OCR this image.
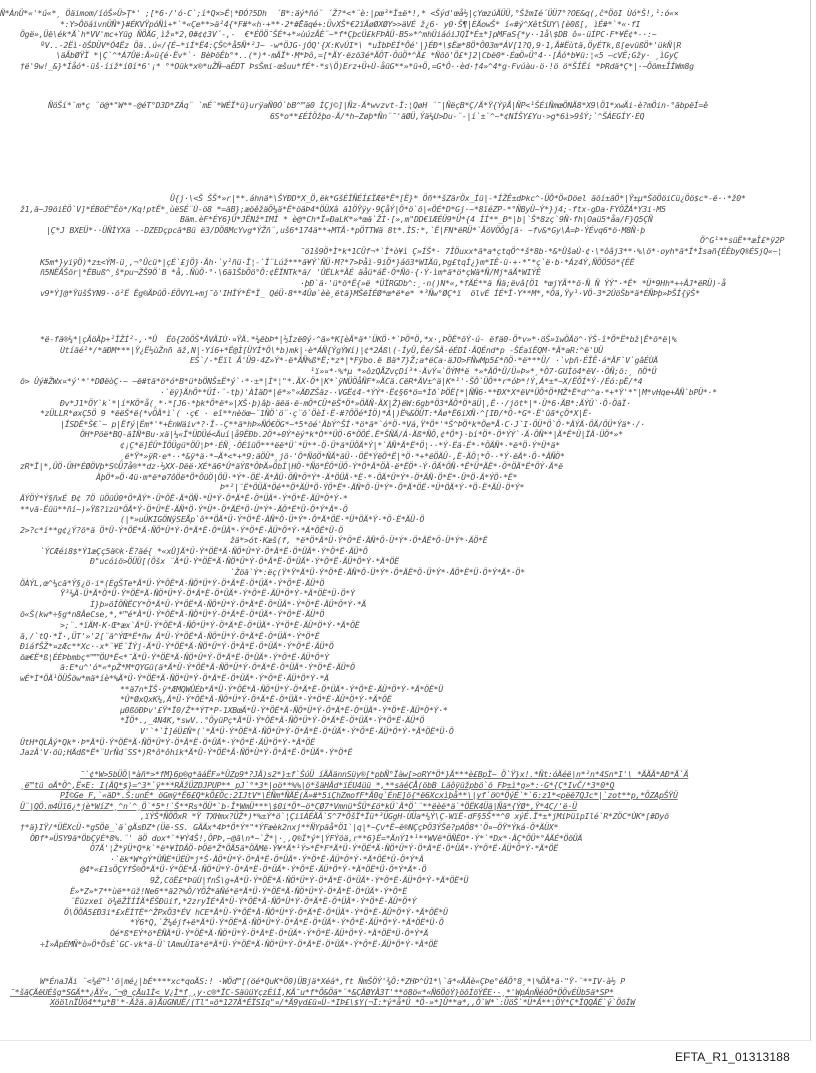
Ñ*ÀnÜ*«'*ú«*¸ Öäimom/íóŠ»Ü>Ţ*' ;[*6·/'ó·C`;í*Q×>Ë¦*ÐÓ?5Dh  ´B*:äý*ñó¨ ´Ž?*<*¨è:|pœ³*Ï±ë*!,* <Šýd'œå½|çYœzúÄÜÜ,°ŠžmIé´ÜÜ7°?OE&q(,ĉ*ÖöI Ùó*Š!,¹:ó«×
*:Y>ÔöáivnÜÑ*}#ÉKVŸpóÑì+*`*«Çe**>ä²4{*F#*«h·+**·2*#Ēãqé+:ÜvXŠ*€2ïÄøØXØY>>äVÉ ž¿6· y0·Š¶|ÈÄowŠ* í«#ý^XêtŠUY\[è0ß[, ìÉ#*`*«·fI
Ögë»,Üë\ék*Ä`h*VV'mc+Yüg ÑÖÄG¸ìž¤*2,0#¢¢3V´-,-  €*ÉÖÖ¯ŠÉ*+*»ùúzÄÈ¨~*f*ÇþcÜ£kFÞÀÜ-B5»*^mhÜiáóiJQÏ*É±*]pMFaS{*y··1å\$DB ô»·üÍPC·F*¥Ë¢*-·:~
ºV..-2Ëì·öŠDÜV*Ó4Ëz Öä..ú«/{É~*iÍ*Ë4:ÇŠ©*å5Ñ*²J~ -w*ÖJG·jÓQ'{X:KvÚI*\ *uÌbÞÈÍ*Ôé'|}ÉÐ*\$Ëæ*8Ö*Ö03m*ÁV[1?Q,9·1,Ä#Ëùtä,ÖyÉTk,ß[evüßÖ*'ükÑ|R
\äÃbØŸÏ *|Ç`^*Á7Ûë:Ä»ü{é·Ëv*`· BèÞöÊb°*..(*)*·mÄÏ*·M*Þô,=[*ÄY·ëzõ3é*ÄÖT·ÖüÖ*^Ä£ *Ñõõ'Ö£*]2|Cbë0*·ÉœÖ»Ü°4··[Âó*b¥ü:¦«5 —cVÊ;Gžy· ¸ìGyÇ
†ë'9w!_&}*Íåó*·üš·íiž*í0í*6'¡* °*Oük*x®*uŽÑ—aÉDT ÞsŠmi-œšuu*fÉ*·*s\Ö)Erz+Ü+Ú-åüG**»*ü+Ö,=G*Ö··èd·†4»^4*g-Fvúàu-ö·!ö ö*ŠÍËí *ÞRdä*Ç*|·~Ööm±ÎÍWm8g
ÑöŠí*`m*ç ¨ö@*"W**-@éT°D3D*ZÁq¨ `mÉ¨*WÉÏ*ü}urÿaÑ0Ó`bB^™ä0 ÍÇj©]|Ñz-Ä*wvzvt-Ï:¦QøH ¨¯|ÑëçB*Ç/Ä*Ÿ{ÝÿÅ|ÑP<¹ŠÉiÑmœÖNÄ8*X9\Ö1*xwÄi-è?mÖin-°ãbpëÍ=ê
6S*o**£ÉÍÖžþo-Ä/*h~Zøþ*Ñn¨¯'äØÜ,Ýä¼U>Du-¨-|í`±¨^~*¢NÍŠY£Yu·>g*6ì>9šÝ;`^ŠÁEGÍY·ÈQ
Û{j·\<Š ŠŠ*»r|**.áhnä*\ŠYÐD*X_Ö,ëk*GšÈÏÑÉÍ£ÏÆë*Ë*[Ë}* Öñ**šZärÖx_Íü|-*ÍŽÊ±dÞkc^-ÜÔ*Ö«Döel äöí±äÖ*|Ÿ±µ*ŠöÖöiCü¿Öö$c*-ë··*ž0*
ž1,ä~J9öiÈÖ`V]*ÉBöÉ™Êö*/Kq!ptË*¸ùëSÉ¨Ù-ö8 *=äB};æöêžäÖ¼ä*Ë*öäÞ4*ÖÜXâ ä1ÖŸÿy·9ÇåÝ|Ö*ö`ö|«ÖÉ*D*Gj·~*8ïéZP-*°ÑByÜ~Ý*}j4;-ftx-gDa·FYÖŽÁ*Y3i-M5
Bäm.èF*ÉY6}Ü*JËNž*IMÍ * è@*Ch*Ï»ÐaLK*»*œä`ŽÌ·[»,m"DD€ïÆÉÜ9*Ü*{4 ÍÍ**_Ð*|b|`Š*8zç`9Ñ·fh|Oaü5*åa/F}Q5ÇÑ
|Ç*J BXEÜ*··ÜÑÌYXä -·DZEDçpcä*Bü ë3/DÖ8McYvg*ÝŽñ¨,uš6*174ä**+MTÄ·*pÖTTWä 8t*.ÌS:*,`Ë|FN*ëRÜ*`ÄöVÖÖg[ä· ~fv&*Gy\À=Þ·ÝÉvq6*ö·M8Ñ·þ
Ö^G¹**süË**æÎ£*ÿ2P
¯ö1š9Ö*Ì*k*1CÜf¬*`Î*ò¥ì Ç»ÍŠ*· 7ÎÖuxx*ä*a*çtqÖ^*š*8b·*&*ÛšaÚ·¢·\*ôâj3**·%\ö*·oyh*ä*Í*Ìsañ{ÉÊbyQ®ÉSjQ«~¦
K5m*}yiÿÖ)*z±<ÝM-ü¸,¬°Ûcü*|çÉ`£jÖ}·Äh·`y²ñü·Ï¦-`Ï¨Lúž***ä¥Ý`ÑÜ·M?*7>Þåì-9iÖ*}áö3*WIÄü,Þg£tqÍ¿}m*IÊ·ü·+·*"*ç`ë·b·*Áz4Ý,ÑÖÖ5ö*{ÉË
ñ5NËÄŠör|*ËBuß^¸š*pu¬ŽŠ9Ö`B *å,.ÑùÖ·°·\6ä1ŠbÖö°Ö:¢ËÏNTk*ä/ 'ÜËLk*ÄÉ äåü*áË·Ö*Ñö·{·Ý·ìm*ä*ö*çWä*Ñ/Mj*äÄ*WIÝÊ
·þÐ`ä·'ü*ö*Ë{»ë *ÜÏRGDb^:¸·n()N*«,*fÄÉ**ä Ñä;ëvâ[Ö1 *œjYÃ**ö·Ñ Ñ ÝÝ"·*Ë* *Ü*9Hh*+÷ÄJ*ëRÜ)·å
v9*Ý]@*ŸüšŠYN9··ö²Ë Ëg®ÄÞûÖ·ÉÖVYL+mj¯ö'IHÏÝ*Ë*Ï_ QéÜ·8**4Ûø`èè¸ëtä}MŠëÍÉØ*œ*ë*e* *³Ñw°ØÇ*ï  ölvÉ ÍÉ*Ï·Y**M*,*Öä,Ÿy¹·VÖ-3*2ÚöŠb*ä*ÉÑÞþ»ÞŠÍ{ÿŠ*
*ë-fä®¼*|çÄöÄþ+²ÏŽÍ²-,·*Û  Ëö{2öÖŠ*ÄVÄIÙ·¤ŸÄ.*¼ëbÞ*|½Ízë0ý·^ä»*K[èÄ*ä*'ÜKÖ·*`ÞÖ*Ö,*x·,ÞÖË*öÝ·ú- ëfä0-Ö*v»*·öŠ»ïwÖÄö^·ÝŠ-î*Ö*Ë*bž|Ë*ö*ë|%
Ùtíäé²*/*äÐM***|Ÿ¿Ë½ùŽnñ äž,N|·Yí6+*Ë@Ì[ÜYÍ*Ö\*b)mk|·è*ÁÑ{ÝgÝWí)|¢*2Áß\(-ÍyÜ,Êë/ŠÄ·éÉDÍ·ÄQÉnd*p -ŠÉaïËQM·*Ä*aR:^ë'UÜ
EŠ`/-*Ëïl Ä'Ü9·4Z»Ý*·ë*ÄÑ%ß*Ë;*z*|*Fÿbo.ë Bä*7}Ž;a*ëCa·äJO>FÑwMp5£*ñÖ·*ë***Ü/ ·`vþñ·ÉÏÊ·á*ÄF`V`gâÉÙÄ
¹ï»¤*·%*µ *»ôzQÅZvçDí³*·ÄvÝ¤`ÖÝM*ë *»*ÄÖ*Ü/Ü»Þ»*¸*Ö7·GUÍö4*ëV··ÖÑ;õ:¸ ñÖ*Ü
ö> Ûý#ŽWx¤*ý'*'*DØëòÇ·~ ~ë#tä*ö*ó*B*ü*bÖNŠ±Ë*ý`·*·±*|Ì*¦"*.ÄX·Ö*|K*`ÿNÜÖåÑF*»ÄCä.CëR*ÄV±^ä|K*¹'·ŠÖ`ÜÖ**r*óÞ*!Ý,Á*±*~X/ËÖÍ*Ý·/Éó:pË/*4
·`ëÿ}ÄhÖ**ÜÍ·¨·tþ)'ÀÌäD*|ë*»°«ÄÐZŠäz-·VGË¢4-*ÝÝ*·Ë¢§6*ö=*Ìð`ÞÖË[*|ÑÑ6·**ÐX*X*ëV*ÜÖ*Ö*MŽ*Ë*d^^a·*+*Ý'*"|M*vHqe+ÄÑ`bPÜ*·*
Ðv*J1*ÖY`k`*|í*KÖ*å(¸*·*[J6·*þk*Ö*ë*»|XŠ·þ)âþ·äëä·ë·mÖ*CÜ*ëŠ*Ö*»ÖÄÑ·ÄX|Ž}ëW:6gb*Ö3*ÄÖ*Ö*äÜ|,Ë··/jöt*|*·Ü*6·ÄB*:ÄÝÜ`·Ö·ÖäÏ·
*zÜLLR*øxÇ5Ö 9 *ëëŠ*ë(*vÖÄ*ì`( ·ç€ · eî**nèöœ~¨1ÑÖ`ö¨·ç¨ö`ÖèÍ·Ë·#?ÖÖé*ÍÖ)*À|)Ë%&ÖÜT:*Äø*Ë6iXÑ·^[IÐ/*Ö·*G*·Ë'ûã*çÖ*X|Ë·
|ÏSDË*Š€`~ p|Ëfý|Ëm*'*+ÈnWäiv*?·Ï--Ç**ä*hÞ»ÑÓ€ÖG*~*5*öé'ÄbÝ^ŠÍ·*ö*ä*`ó*Ö·*Vá,Ÿ*Ö*'*Š^ÞÖ*k*Öe*Å·C·J`I·ÖÜ*Ö`Ö·*ÄÝÄ·ÖÄ/ÖÜ*Ýä*·/·
ÖH*Pöë*BQ-äÌÑ*Bu·xä|¼«Ï*ÜDÜé<Äuí|å9ËÐb.2Ö*+0Ý*ëý*k*Ò**ÜÖ·6*ÖÖÉ.Ë*ŠÑÄ/Á·Äß*ÑÖ,¢*Ö*}·bí*Ö*·Ö*ÝÝ`·Ä·ÖÑ**|Ä*Ë*Ü|ÏÄ·ÜÖ*»*
¢¡Ç*ë]ÉÜ*ÏÖÜgü*ÖÜ¦Þ*·ÉÑ¸·ÖÉîüÖ***ëë*Ü`*Ü**·Ö·Ü*ä*ÜÖÄ*Ý|*`ÄÑ*Ä*Ë*Ö¦··*Ý·Ëä·Ë*·*ÖÄÑ*·*ë*Ö·Ý*Ü*ä*
¸ë*Ÿ*»ÿR·e*··*&ÿ*ä·*~Ä*<*+*9:äÖÜ*¸jö·'Ö*ÑöÖ*ÑÄ*äÜ··ÖË*ÝëÖ*Ë|*Ö·*+*ëÖÄÜ·,Ë·ÄÖ¦*Ö··*Ý·ëÄ*·Ö·*ÄÑÖ*
zR*Ï|*,ÜÖ·ÜH*ÉØÖVþ*S©Ü7å®**dz·½XX-Dëë·XÉ*ä6*Û*äÝß*ÖÞÄ»ÖbÍ|HÖ·*Ñö*ÊÖ*ÜÖ·Ý*Ö*Ä*ÖÄ·ë*ËÖ*·Ý·ÖÄ*ÖÑ·*Ë*Ü*ÄË*·Ö*ÖÄ*Ë*ÖÝ·Ä*ë
ÄþÖ*»Ö·4ü·m*ë*ø7ôÖë*Ö*ÖüÖ|ÖÜ·*Ý*·ÖË·Ä*ÄÜ·ÖÑ*Ö*Ý*·Ä*ÖÜÄ·*Ë·*·ÖÄ*Ü*Ý*·Ö*ÄÑ·Ö*Ë*·Ü*Ö·Ä*ÝÖ·*Ë*
Þ*²|¨Ë*ÖÜÄ*Öé**Ö*ÄÜ*Ö·ÝÖ*Ë*·ÄÑ*Ö·Ü*Ý*·Ö*Ä*ÖË·*Ü*ÖÄ*Ý·*Ö·Ë*ÄÜ·Ö*Ý*
ÄÝÖÝ*Ý§ñxÉ Ð¢ 7Ö üÖüÜ0*Ö*ÄÝ*·Ü*ÖË·Ä*ÖÑ·*Ü*Ý·Ö*Ä*Ë·Ö*ÜÄ*·Ý*Ö*Ë·ÄÜ*Ö*Ý·*
**vä-Ëüü**ñí~)»Ÿß?ïzü*ÖÄ*Ý·Ö*Ü*Ë·ÄÑ*Ö·Ý*Ü*·Ö*ÄË*Ö·Ü*Ý*·ÄÖ*Ë*Ü·Ö*Ý*Ä*·Ö
(|*»uÜKIGÖNÿSEÅp`ô**ÖÄ*Ü·Ý*Ö*Ë·ÄÑ*Ö·Ü*Ý*·Ö*Ä*ÖË·*Ü*ÖÄ*Ý·*Ö·Ë*ÄÜ·Ö
2>?c*í**g¢¿Ý?ö*ä Ö*Ü·Ý*ÖË*Ä·ÑÖ*Ü*Ý·Ö*Ä*Ë·Ö*ÜÄ*·Ý*Ö*Ë·ÄÜ*Ö*Ý·*Ä*ÖË*Ü·Ö
žä*>ót·Kæš(f, *ë*Ö*Ä*Ü·Ý*Ö*Ë·ÄÑ*Ö·Ü*Ý*·Ö*ÄË*Ö·Ü*Ý*·ÄÖ*Ë
`ÝCÆéi8$*Ý1æÇç5ä©k·Ë?äé{ *«xÛ]Ä*Ü·Ý*ÖË*Ä·ÑÖ*Ü*Ý·Ö*Ä*Ë·Ö*ÜÄ*·Ý*Ö*Ë·ÄÜ*Ö
Ð"ucóiö>ÖÜÜ[(Öšx ¨Ä*Ü·Ý*ÖË*Ä·ÑÖ*Ü*Ý·Ö*Ä*Ë·Ö*ÜÄ*·Ý*Ö*Ë·ÄÜ*Ö*Ý·*Ä*ÖË
`Žöä`Ý*:ëç(Ÿ*Ÿ*Ä*Ü·Ý*Ö*Ë·ÄÑ*Ö·Ü*Ý*·Ö*ÄË*Ö·Ü*Ý*·ÄÖ*Ë*Ü·Ö*Ý*Ä*·Ö*
ÖÀÝL,œ^¼cä*Ý§¿ö-i*(ÈgŠTe*Ä*Ü·Ý*ÖË*Ä·ÑÖ*Ü*Ý·Ö*Ä*Ë·Ö*ÜÄ*·Ý*Ö*Ë·ÄÜ*Ö
Ÿ³¼Ä-Ü*Ä*Ö*Ü·Ý*ÖË*Ä·ÑÖ*Ü*Ý·Ö*Ä*Ë·Ö*ÜÄ*·Ý*Ö*Ë·ÄÜ*Ö*Ý·*Ä*ÖË*Ü·Ö*Ý
Ì}þ»öÍÖÑËCY*Ö*Ä*Ü·Ý*ÖË*Ä·ÑÖ*Ü*Ý·Ö*Ä*Ë·Ö*ÜÄ*·Ý*Ö*Ë·ÄÜ*Ö*Ý·*Ä
ö«Š(kw*÷§g*n8ÄeCse,*,*™é*Ä*Ü·Ý*ÖË*Ä·ÑÖ*Ü*Ý·Ö*Ä*Ë·Ö*ÜÄ*·Ý*Ö*Ë·ÄÜ*Ö
>;¨.*ïÄM·K·Œ*æx`Ä*Ü·Ý*ÖË*Ä·ÑÖ*Ü*Ý·Ö*Ä*Ë·Ö*ÜÄ*·Ý*Ö*Ë·ÄÜ*Ö*Ý·*Ä*ÖË
ä,/`tQ·*Ï·,ÜT'»'2[¨ä^ÝŒ*Ë*ñw Ä*Ü·Ý*ÖË*Ä·ÑÖ*Ü*Ý·Ö*Ä*Ë·Ö*ÜÄ*·Ý*Ö*Ë
ÐiáfŠŽ*¤zÆc**Xc·-x*¨¥É¨ÏÝj-Ä*Ü·Ý*ÖË*Ä·ÑÖ*Ü*Ý·Ö*Ä*Ë·Ö*ÜÄ*·Ý*Ö*Ë·ÄÜ*Ö
öæ€Ë*ß¦ÉÈÞbmbç*™™ÖU*Ë<*¯Ä*Ü·Ý*ÖË*Ä·ÑÖ*Ü*Ý·Ö*Ä*Ë·Ö*ÜÄ*·Ý*Ö*Ë·ÄÜ*Ö*Ý
ä:E*u^'ó*«*pŽ*M*QYGü(ä*Ä*Ü·Ý*ÖË*Ä·ÑÖ*Ü*Ý·Ö*Ä*Ë·Ö*ÜÄ*·Ý*Ö*Ë·ÄÜ*Ö
wÉ*Ì*ÖÄ¹ÖÜŠöw*mä*íè*%Ä*Ü·Ý*ÖË*Ä·ÑÖ*Ü*Ý·Ö*Ä*Ë·Ö*ÜÄ*·Ý*Ö*Ë·ÄÜ*Ö*Ý·*Ä
**ä7n*ÏŠ·ÿ*ÆMQWÛÉb*Ä*Ü·Ý*ÖË*Ä·ÑÖ*Ü*Ý·Ö*Ä*Ë·Ö*ÜÄ*·Ý*Ö*Ë·ÄÜ*Ö*Ý·*Ä*ÖË*Ü
*Û*ØxQxK¼,Ä*Ü·Ý*ÖË*Ä·ÑÖ*Ü*Ý·Ö*Ä*Ë·Ö*ÜÄ*·Ý*Ö*Ë·ÄÜ*Ö*Ý·*Ä*ÖË
µ0ßöÐÞv'£Ÿ*Ï0/Ž**ÝT*P-1XBœÄ*Ü·Ý*ÖË*Ä·ÑÖ*Ü*Ý·Ö*Ä*Ë·Ö*ÜÄ*·Ý*Ö*Ë·ÄÜ*Ö*Ý·*
*ÏÖ*.,_4N4K,*swV..°ÖyüPç*Ä*Ü·Ý*ÖË*Ä·ÑÖ*Ü*Ý·Ö*Ä*Ë·Ö*ÜÄ*·Ý*Ö*Ë·ÄÜ*Ö
V'`*`Ì]éÜ£Ñ*(`*Ä*Ü·Ý*ÖË*Ä·ÑÖ*Ü*Ý·Ö*Ä*Ë·Ö*ÜÄ*·Ý*Ö*Ë·ÄÜ*Ö*Ý·*Ä*ÖË*Ü·Ö
ÜtH*QLÂý*Qk*·Þ*Ä*Ü·Ý*ÖË*Ä·ÑÖ*Ü*Ý·Ö*Ä*Ë·Ö*ÜÄ*·Ý*Ö*Ë·ÄÜ*Ö*Ý·*Ä*ÖË
JazÄ'V·öü;HÄdß*Ë*¨UrÑd¨SS*)R*ô*ôhik*Ä*Ü·Ý*ÖË*Ä·ÑÖ*Ü*Ý·Ö*Ä*Ë·Ö*ÜÄ*·Ý*Ö*Ë
¯`¢*W>5bÜÖ|*àñ*>*fM}6p®g*äáËF»*ÜZp9*?JÄ)s2*}±f`ŠúÜ íÄÄännSüy®[*pbÑ°Ïàw[>oRY*Ö*}Ä***è£BpÏ~ Ö`Ÿ}x!.*Ñt:óÄéë|n*²n*4Sn*I'\ *ÄÄÄ*AÐ*Ä`Ä
¸ë™tü oÄ*Ö^,Ë×E: I(ÄQ*$}=^3*`ÿ***RÄžÜZDJPUP** pJ`°*3*|oö**%%|ö*šäHÄd*ïÉU4üü *,**säéÇÅ(öbB Läôÿüžpbö`ö FÞ±ì*g»*:·G*{Ç*IvČ/*3*0*Q
PÍ©Ge F,`«äD*.Š:unÉ* öGmÿ*Ë6£Q*kÖ£Öc:2IJtV*\ÉÑm*ÑÄÉ(Ä»#*5iÇhZmofF*Ä0g`ÉnE]ö{*ë6Xcxìþå**\|yf`ö©*ÖýÉ`*`6:z1*<pëë7QJc*|`zot**p,*ÖZApŠŸÜ
Ü¨|QÖ.m4Üï6¿*jè*WíZ*¸^n`^¸Ö`*5*!`Š**Rs*ÖÜ*`b-Î*WmÜ***\$0i*Ö*~ö*ÇØ7*Vmnü*ŠÜ*£ö*kÜ`Ä*Ö`¨**ëèë*ä`*ÖËK4Üä|Ñä*{ÝØ*,Ÿ*4Ç/'ë·Ü
,ïÝŠ*ÑÖÖxR *Ÿ TXHmx?ÜŽ*)*%±Ý*ö`¦ÇiïÁÉÄÄ`S^7*ÖšÏ*Ïü*³ÜGgH-ÙÜa*¼Ý\Ç-WïË-dF§5Š**^0 xýÉ.Ï*±*jMiÞüïpIlé`R*ZÖC*ÙK*[#Dyö
†*ä}IŸ/*ÜËXcÜ·*gSÖë_`ä`gÄsÐZ*(Üë·SS. GÄÄx*4Þ*Ö*Ý*"*ÝFæèk2nxj**ÑYpäå*Ö1`|q|*~Çv*Ë~ë®NÇçÞÖ3ÝŠë?pAÖ8*'Ö¤~ÖŸ*Ýká-Ö*ÄÜX*
ÖÐf*»ÜSY9ä*ÖbÇÿÈ*8%.¨' äÖ dox*`*¥Ý4Š!,ÖPÞ,~@ã\n*~`Ž*|·¸,Q®Ï*ý*|ÝFÝöä,r**6}Ë=*ÄnÝ1*¹**WVë*ÖÑËO*·Ý*`*Dx*·ÄÇ*ÖÜ*°ÄÄÉ*ÖöÜÄ
Ö7Ä'¦Ž*ÿÜ*Q*k`*ë*¥ÌDÄÖ-ÞÖë*Ž*ÖÄ5ä*ÖÄMë·Ý¥*Ä*¹Ý>*Ë*F*Ä*Ü·Ý*ÖË*Ä·ÑÖ*Ü*Ý·Ö*Ä*Ë·Ö*ÜÄ*·Ý*Ö*Ë·ÄÜ*Ö*Ý·*Ä*ÖË
·`ëk*W*gÝ*ÜÑË*ÜËÜ*j*Š·ÄÖ*Ü*Ý·Ö*Ä*Ë·Ö*ÜÄ*·Ý*Ö*Ë·ÄÜ*Ö*Ý·*Ä*ÖË*Ü·Ö*Ý*Ä
@4*«£1sÖÇYfŠ®Ö*Ä*Ü·Ý*ÖË*Ä·ÑÖ*Ü*Ý·Ö*Ä*Ë·Ö*ÜÄ*·Ý*Ö*Ë·ÄÜ*Ö*Ý·*Ä*ÖË*Ü·Ö*Ý*Ä*·Ö
9Ž,CöË£*ÞüÙ|fnŠ\g+Ä*Ü·Ý*ÖË*Ä·ÑÖ*Ü*Ý·Ö*Ä*Ë·Ö*ÜÄ*·Ý*Ö*Ë·ÄÜ*Ö*Ý·*Ä*ÖË*Ü
Ë»*Z»*7**ùë**üž!Ne6**ä2?%Ö/YÖŽ*äÑé*ë*Ä*Ü·Ý*ÖË*Ä·ÑÖ*Ü*Ý·Ö*Ä*Ë·Ö*ÜÄ*·Ý*Ö*Ë
¨Ëŭzxeï ö¾ëŽÏÍÍÄ*ËŠÐüif,*2zryÏÉ*Ä*Ü·Ý*ÖË*Ä·ÑÖ*Ü*Ý·Ö*Ä*Ë·Ö*ÜÄ*·Ý*Ö*Ë·ÄÜ*Ö*Ý
Ö\ÖÖÄ5£Ð3i*£xËÍTË*^ŽPxÖ3*ÉV hCE*Ä*Ü·Ý*ÖË*Ä·ÑÖ*Ü*Ý·Ö*Ä*Ë·Ö*ÜÄ*·Ý*Ö*Ë·ÄÜ*Ö*Ý·*Ä*ÖË*Ü
*Ý6*Q,`Ž¼éjf+ë*Ä*Ü·Ý*ÖË*Ä·ÑÖ*Ü*Ý·Ö*Ä*Ë·Ö*ÜÄ*·Ý*Ö*Ë·ÄÜ*Ö*Ý·*Ä*ÖË*Ü·Ö
Óé*ß*EÝ*ö*ËÑÄ*Ü·Ý*ÖË*Ä·ÑÖ*Ü*Ý·Ö*Ä*Ë·Ö*ÜÄ*·Ý*Ö*Ë·ÄÜ*Ö*Ý·*Ä*ÖË*Ü·Ö*Ý*Ä
÷Ì»ÄpÉMÑ*ò»Ö*ÖsÈ`GC-vk*ä-Ü`lAmuÜIä*ë*Ä*Ü·Ý*ÖË*Ä·ÑÖ*Ü*Ý·Ö*Ä*Ë·Ö*ÜÄ*·Ý*Ö*Ë·ÄÜ*Ö*Ý·*Ä*ÖË
W*ÉnaJÄi ¨<¾é™¹'ö|mé¿|bÉ****xc*qoÄS:! ·WÖd™[(öé*QuK*Ö0)ÜBjä*Xéá*,ft ÑmŠÖÝ'¾Ö:*ZHÞ^Ü1*\`ä*«ÄÄè«ÇÞe°éÄÖ°8¸*\%ÖÄ*ä·"Ÿ-¨**IV·à½ P
¯*šäÇÄëUÉšg*SGÄ**¿ÄÝ«,¯¬@ çÄu1Ì< V¿Ì*f¸,y·c®*ÏC-SäüüYçzÉíÍ,KÄ¯u*f*Ö&Öä*¨*&ÇÄØYÄ3T'**ö8ö«*«Ñ6ÖöÝ}öõÍöÝËE·-¸*'WpÁnÑéöÖ*ÖÖvÉÜb5ä*SP*
XöölnÏÜö4**µ*B'*-Äžä.ä)ÅüGNUË/(Tl"¤ö*127Ä*ÉÏSIq"¤/*Ä9yd£ü¤Ü-*IÞ£\$Y(¬Ï:*ý*å*Ü *Ö-»*]Ü**a*,,Ö`W*`:ÜöŠ`*Ü*Ä**¦ÖÝ*Ç*ÏQQÄÉ`ý`ÖöÍW
EFTA_R1_01313188
